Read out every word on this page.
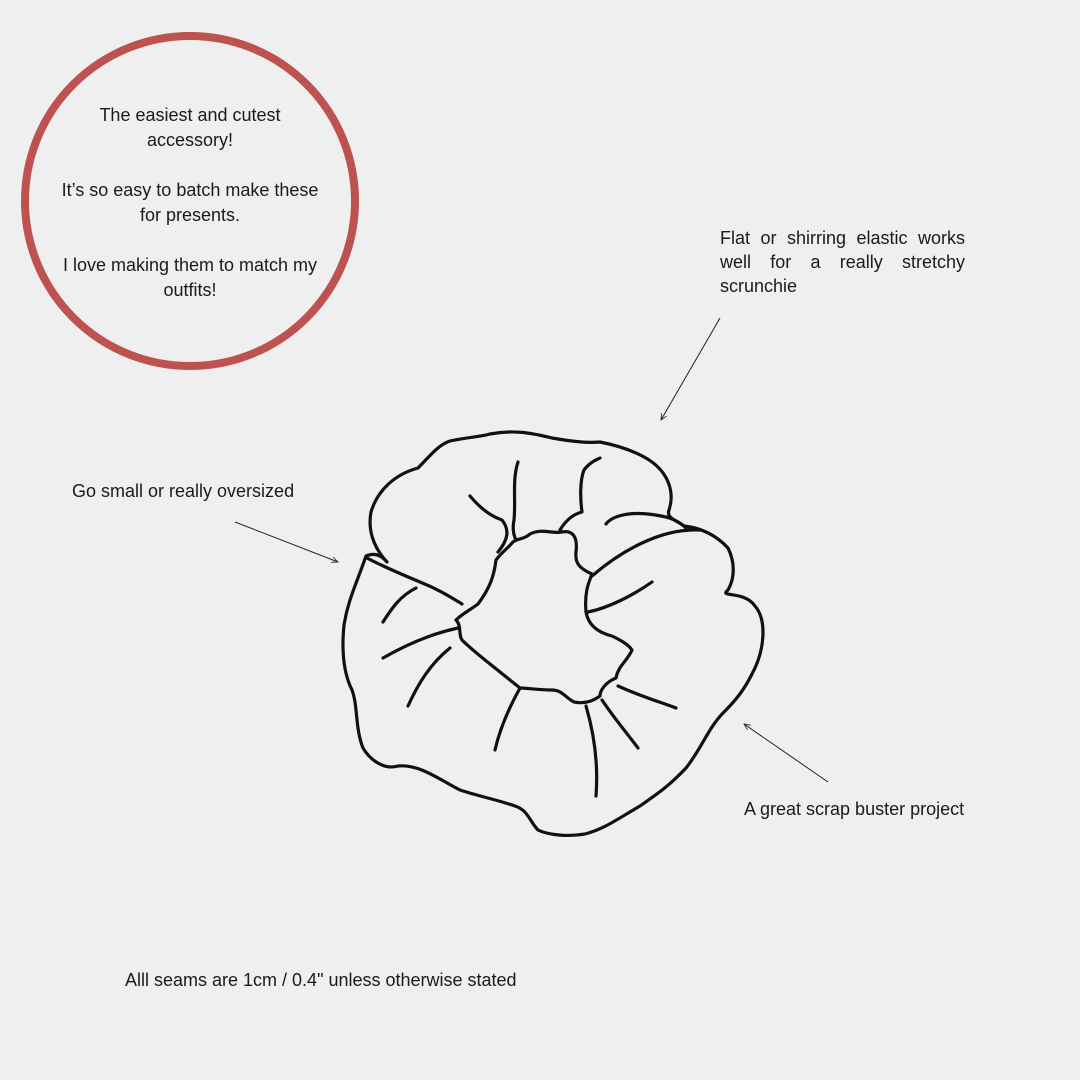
The easiest and cutest accessory!

It’s so easy to batch make these for presents.

I love making them to match my outfits!

Flat or shirring elastic works well for a really stretchy scrunchie

Go small or really oversized

A great scrap buster project

Alll seams are 1cm / 0.4" unless otherwise stated
